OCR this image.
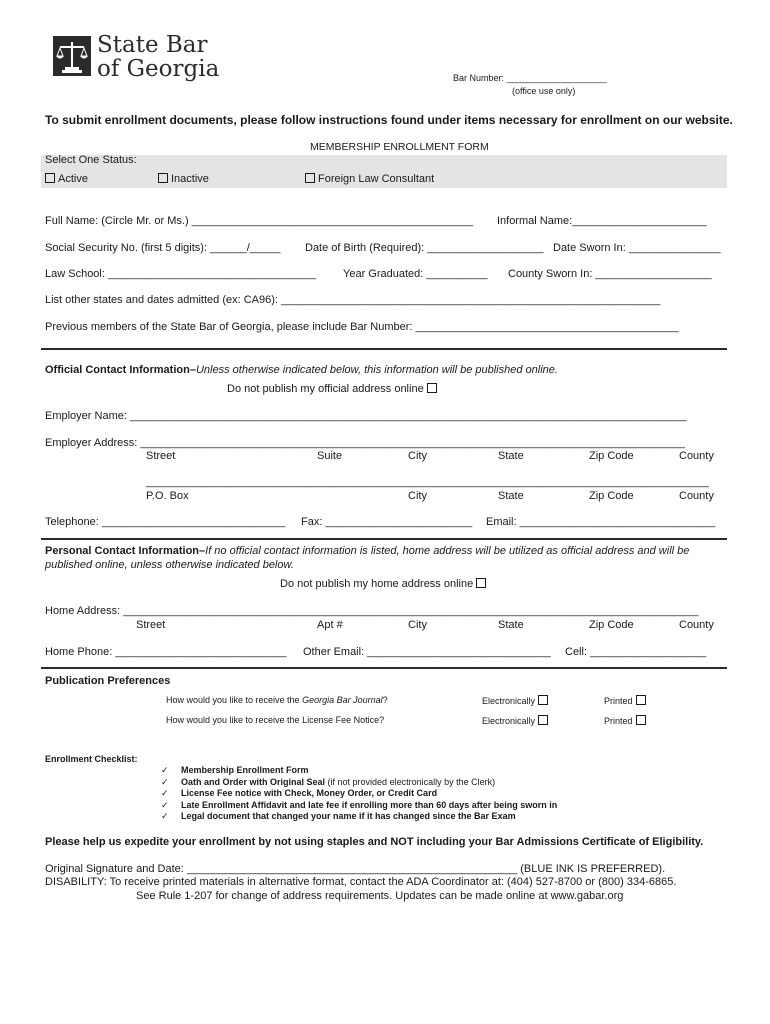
State Bar
of Georgia	Bar Number: ____________________
(office use only)
To submit enrollment documents, please follow instructions found under items necessary for enrollment on our website.
MEMBERSHIP ENROLLMENT FORM
Select One Status:
Active	Inactive	Foreign Law Consultant
Full Name: (Circle Mr. or Ms.) ______________________________________________ Informal Name:______________________
Social Security No. (first 5 digits): ______/_____ Date of Birth (Required): ___________________ Date Sworn In: _______________
Law School: __________________________________ Year Graduated: __________ County Sworn In: ___________________
List other states and dates admitted (ex: CA96): ______________________________________________________________
Previous members of the State Bar of Georgia, please include Bar Number: ___________________________________________
Official Contact Information–Unless otherwise indicated below, this information will be published online.
Do not publish my official address online
Employer Name: ___________________________________________________________________________________________
Employer Address: _________________________________________________________________________________________
Street	Suite	City	State	Zip Code	County
____________________________________________________________________________________________
P.O. Box	City	State	Zip Code	County
Telephone: ______________________________ Fax: ________________________ Email: ________________________________
Personal Contact Information–If no official contact information is listed, home address will be utilized as official address and will be
published online, unless otherwise indicated below.
Do not publish my home address online
Home Address: ______________________________________________________________________________________________
Street	Apt #	City	State	Zip Code	County
Home Phone: ____________________________ Other Email: ______________________________ Cell: ___________________
Publication Preferences
How would you like to receive the Georgia Bar Journal?	Electronically	Printed
How would you like to receive the License Fee Notice?	Electronically	Printed
Enrollment Checklist:
✓ Membership Enrollment Form
✓ Oath and Order with Original Seal (if not provided electronically by the Clerk)
✓ License Fee notice with Check, Money Order, or Credit Card
✓ Late Enrollment Affidavit and late fee if enrolling more than 60 days after being sworn in
✓ Legal document that changed your name if it has changed since the Bar Exam
Please help us expedite your enrollment by not using staples and NOT including your Bar Admissions Certificate of Eligibility.
Original Signature and Date: ______________________________________________________ (BLUE INK IS PREFERRED).
DISABILITY: To receive printed materials in alternative format, contact the ADA Coordinator at: (404) 527-8700 or (800) 334-6865.
See Rule 1-207 for change of address requirements. Updates can be made online at www.gabar.org
